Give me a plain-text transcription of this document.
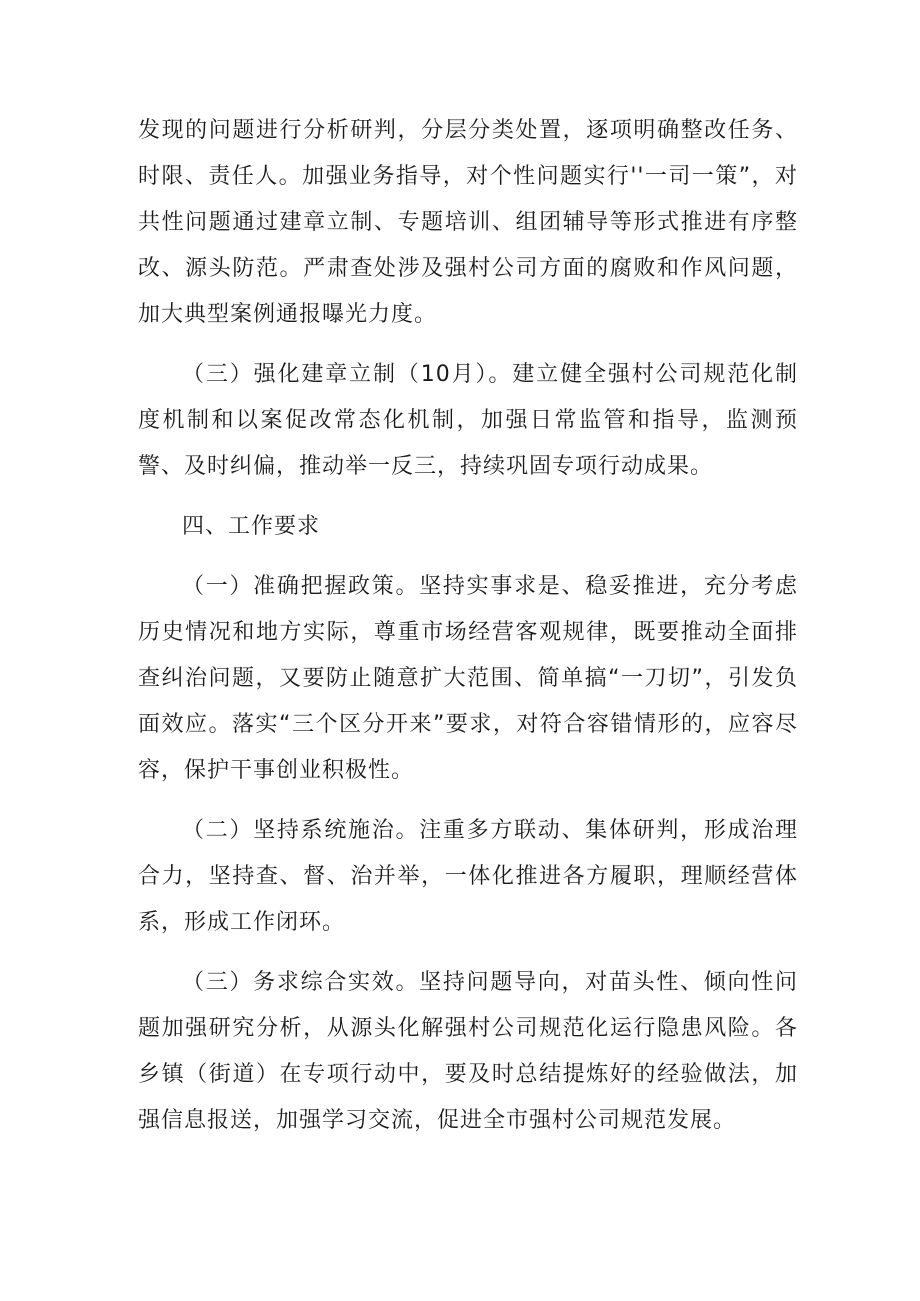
发现的问题进行分析研判，分层分类处置，逐项明确整改任务、时限、责任人。加强业务指导，对个性问题实行''一司一策”，对共性问题通过建章立制、专题培训、组团辅导等形式推进有序整改、源头防范。严肃查处涉及强村公司方面的腐败和作风问题，加大典型案例通报曝光力度。

（三）强化建章立制（10月）。建立健全强村公司规范化制度机制和以案促改常态化机制，加强日常监管和指导，监测预警、及时纠偏，推动举一反三，持续巩固专项行动成果。

四、工作要求

（一）准确把握政策。坚持实事求是、稳妥推进，充分考虑历史情况和地方实际，尊重市场经营客观规律，既要推动全面排查纠治问题，又要防止随意扩大范围、简单搞“一刀切”，引发负面效应。落实“三个区分开来”要求，对符合容错情形的，应容尽容，保护干事创业积极性。

（二）坚持系统施治。注重多方联动、集体研判，形成治理合力，坚持查、督、治并举，一体化推进各方履职，理顺经营体系，形成工作闭环。

（三）务求综合实效。坚持问题导向，对苗头性、倾向性问题加强研究分析，从源头化解强村公司规范化运行隐患风险。各乡镇（街道）在专项行动中，要及时总结提炼好的经验做法，加强信息报送，加强学习交流，促进全市强村公司规范发展。
